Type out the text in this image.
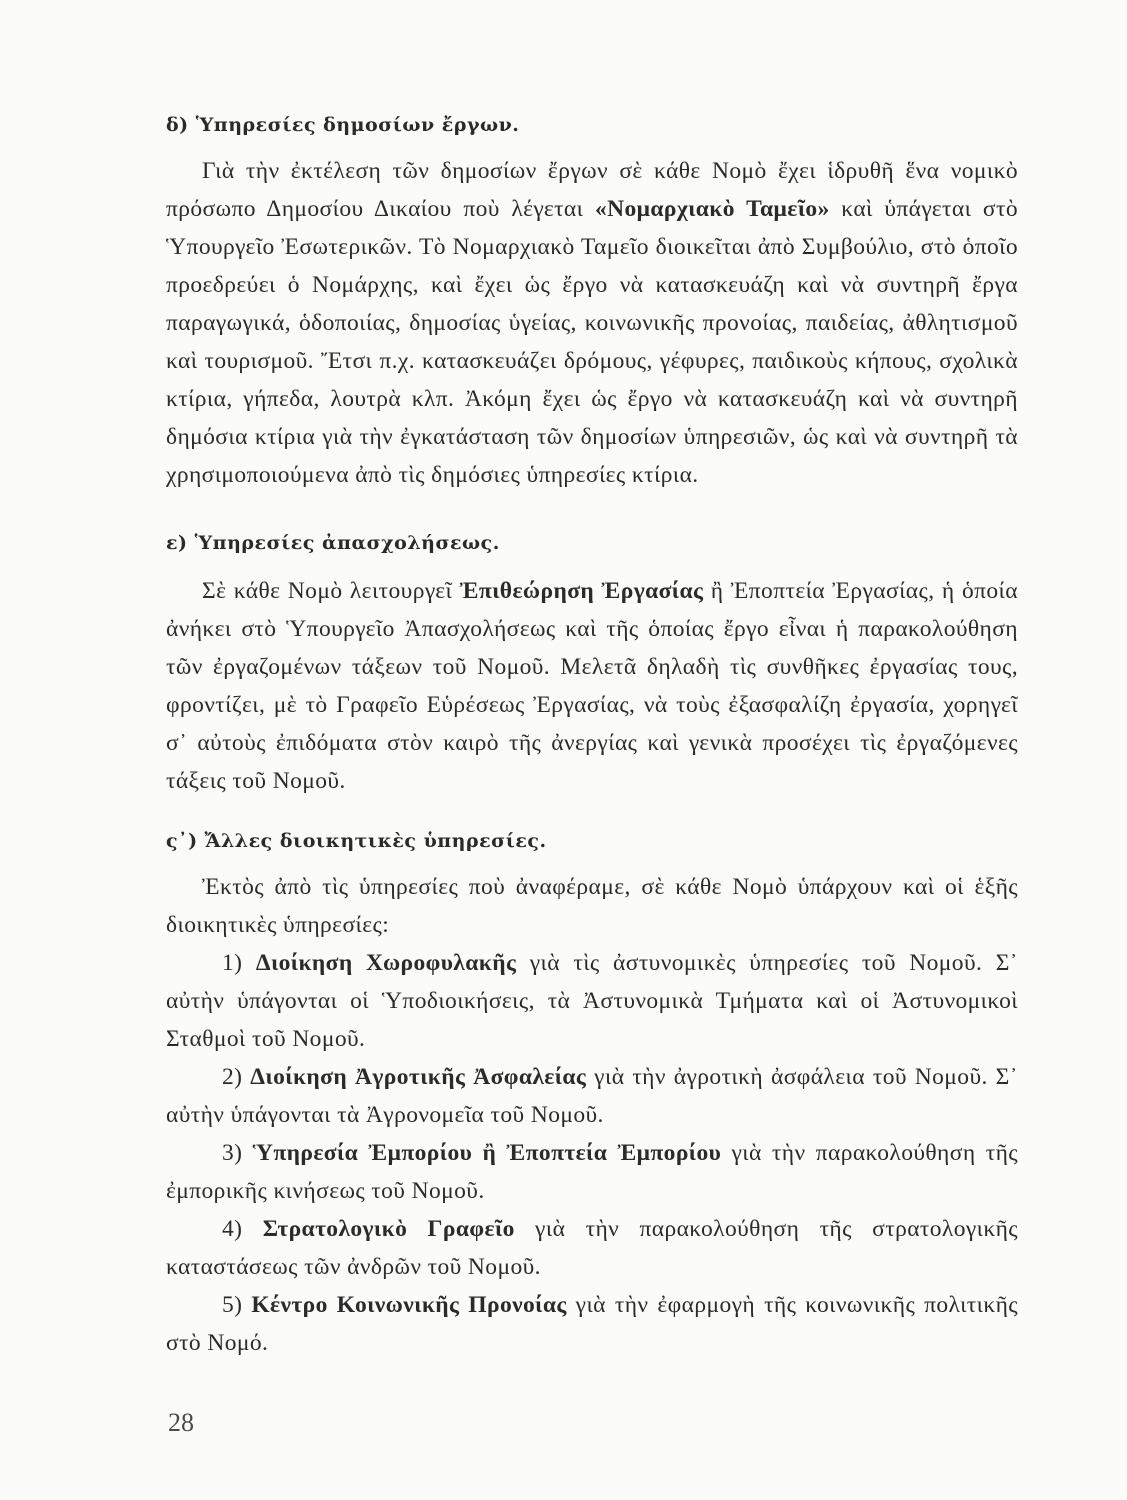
δ) Ὑπηρεσίες δημοσίων ἔργων.

Γιὰ τὴν ἐκτέλεση τῶν δημοσίων ἔργων σὲ κάθε Νομὸ ἔχει ἱδρυθῆ ἕνα νομικὸ πρόσωπο Δημοσίου Δικαίου ποὺ λέγεται «Νομαρχιακὸ Ταμεῖο» καὶ ὑπάγεται στὸ Ὑπουργεῖο Ἐσωτερικῶν. Τὸ Νομαρχιακὸ Ταμεῖο διοικεῖται ἀπὸ Συμβούλιο, στὸ ὁποῖο προεδρεύει ὁ Νομάρχης, καὶ ἔχει ὡς ἔργο νὰ κατασκευάζη καὶ νὰ συντηρῆ ἔργα παραγωγικά, ὁδοποιίας, δημοσίας ὑγείας, κοινωνικῆς προνοίας, παιδείας, ἀθλητισμοῦ καὶ τουρισμοῦ. Ἔτσι π.χ. κατασκευάζει δρόμους, γέφυρες, παιδικοὺς κήπους, σχολικὰ κτίρια, γήπεδα, λουτρὰ κλπ. Ἀκόμη ἔχει ὡς ἔργο νὰ κατασκευάζη καὶ νὰ συντηρῆ δημόσια κτίρια γιὰ τὴν ἐγκατάσταση τῶν δημοσίων ὑπηρεσιῶν, ὡς καὶ νὰ συντηρῆ τὰ χρησιμοποιούμενα ἀπὸ τὶς δημόσιες ὑπηρεσίες κτίρια.

ε) Ὑπηρεσίες ἀπασχολήσεως.

Σὲ κάθε Νομὸ λειτουργεῖ Ἐπιθεώρηση Ἐργασίας ἢ Ἐποπτεία Ἐργασίας, ἡ ὁποία ἀνήκει στὸ Ὑπουργεῖο Ἀπασχολήσεως καὶ τῆς ὁποίας ἔργο εἶναι ἡ παρακολούθηση τῶν ἐργαζομένων τάξεων τοῦ Νομοῦ. Μελετᾶ δηλαδὴ τὶς συνθῆκες ἐργασίας τους, φροντίζει, μὲ τὸ Γραφεῖο Εὑρέσεως Ἐργασίας, νὰ τοὺς ἐξασφαλίζη ἐργασία, χορηγεῖ σ᾽ αὐτοὺς ἐπιδόματα στὸν καιρὸ τῆς ἀνεργίας καὶ γενικὰ προσέχει τὶς ἐργαζόμενες τάξεις τοῦ Νομοῦ.

ς᾽) Ἄλλες διοικητικὲς ὑπηρεσίες.

Ἐκτὸς ἀπὸ τὶς ὑπηρεσίες ποὺ ἀναφέραμε, σὲ κάθε Νομὸ ὑπάρχουν καὶ οἱ ἑξῆς διοικητικὲς ὑπηρεσίες:

1) Διοίκηση Χωροφυλακῆς γιὰ τὶς ἀστυνομικὲς ὑπηρεσίες τοῦ Νομοῦ. Σ᾽ αὐτὴν ὑπάγονται οἱ Ὑποδιοικήσεις, τὰ Ἀστυνομικὰ Τμήματα καὶ οἱ Ἀστυνομικοὶ Σταθμοὶ τοῦ Νομοῦ.

2) Διοίκηση Ἀγροτικῆς Ἀσφαλείας γιὰ τὴν ἀγροτικὴ ἀσφάλεια τοῦ Νομοῦ. Σ᾽ αὐτὴν ὑπάγονται τὰ Ἀγρονομεῖα τοῦ Νομοῦ.

3) Ὑπηρεσία Ἐμπορίου ἢ Ἐποπτεία Ἐμπορίου γιὰ τὴν παρακολούθηση τῆς ἐμπορικῆς κινήσεως τοῦ Νομοῦ.

4) Στρατολογικὸ Γραφεῖο γιὰ τὴν παρακολούθηση τῆς στρατολογικῆς καταστάσεως τῶν ἀνδρῶν τοῦ Νομοῦ.

5) Κέντρο Κοινωνικῆς Προνοίας γιὰ τὴν ἐφαρμογὴ τῆς κοινωνικῆς πολιτικῆς στὸ Νομό.

28
